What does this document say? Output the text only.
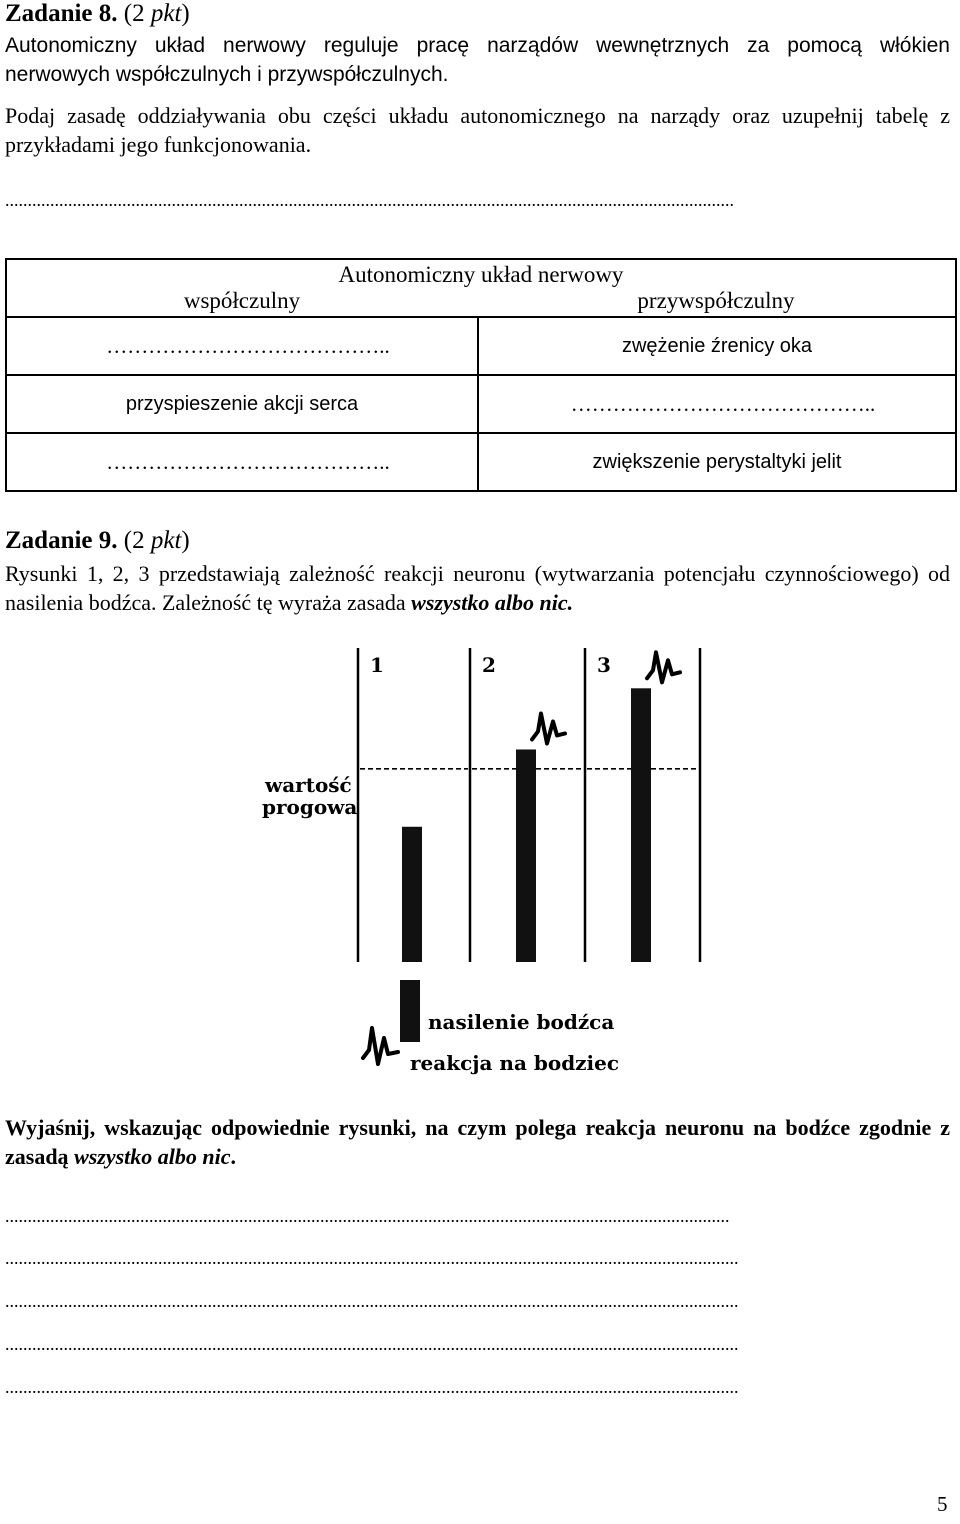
Zadanie 8. (2 pkt)
Autonomiczny układ nerwowy reguluje pracę narządów wewnętrznych za pomocą włókien nerwowych współczulnych i przywspółczulnych.
Podaj zasadę oddziaływania obu części układu autonomicznego na narządy oraz uzupełnij tabelę z przykładami jego funkcjonowania.
..................................................................................................................................................................
Autonomiczny układ nerwowy
współczulny przywspółczulny	

…………………………………..	zwężenie źrenicy oka
przyspieszenie akcji serca	……………………………………..
…………………………………..	zwiększenie perystaltyki jelit
Zadanie 9. (2 pkt)
Rysunki 1, 2, 3 przedstawiają zależność reakcji neuronu (wytwarzania potencjału czynnościowego) od nasilenia bodźca. Zależność tę wyraża zasada wszystko albo nic.
1	2	3
wartość
progowa
nasilenie bodźca
reakcja na bodziec
Wyjaśnij, wskazując odpowiednie rysunki, na czym polega reakcja neuronu na bodźce zgodnie z zasadą wszystko albo nic.
.................................................................................................................................................................
...................................................................................................................................................................
...................................................................................................................................................................
...................................................................................................................................................................
...................................................................................................................................................................
5
